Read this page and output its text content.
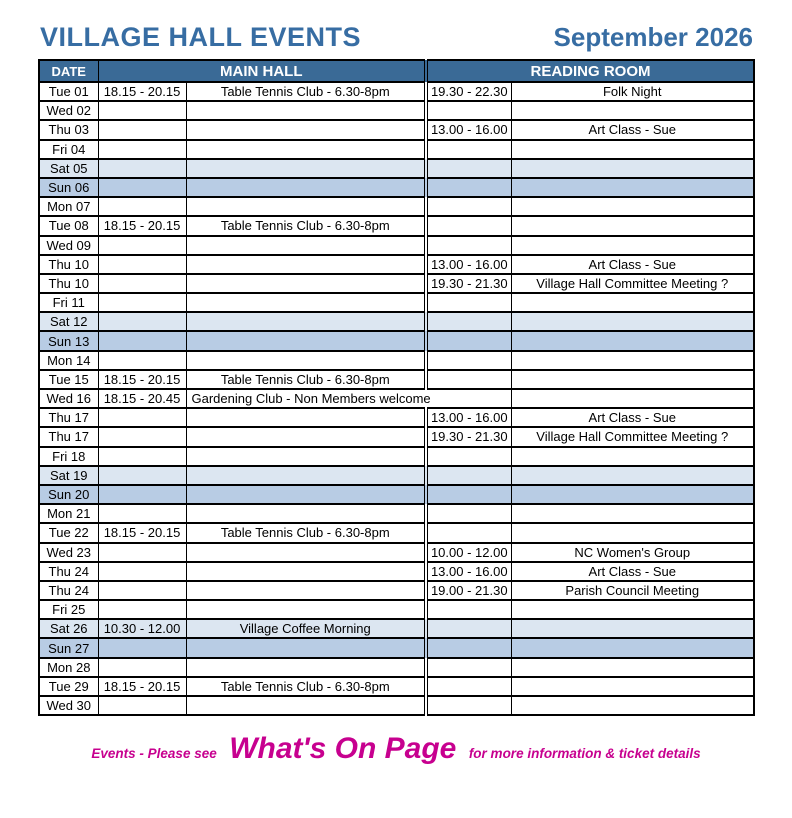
VILLAGE HALL EVENTS	September 2026
DATE	MAIN HALL		READING ROOM	
Tue 01	18.15 - 20.15	Table Tennis Club - 6.30-8pm	19.30 - 22.30	Folk Night
Wed 02				
Thu 03			13.00 - 16.00	Art Class - Sue
Fri 04				
Sat 05				
Sun 06				
Mon 07				
Tue 08	18.15 - 20.15	Table Tennis Club - 6.30-8pm		
Wed 09				
Thu 10			13.00 - 16.00	Art Class - Sue
Thu 10			19.30 - 21.30	Village Hall Committee Meeting ?
Fri 11				
Sat 12				
Sun 13				
Mon 14				
Tue 15	18.15 - 20.15	Table Tennis Club - 6.30-8pm		
Wed 16	18.15 - 20.45	Gardening Club - Non Members welcome		
Thu 17			13.00 - 16.00	Art Class - Sue
Thu 17			19.30 - 21.30	Village Hall Committee Meeting ?
Fri 18				
Sat 19				
Sun 20				
Mon 21				
Tue 22	18.15 - 20.15	Table Tennis Club - 6.30-8pm		
Wed 23			10.00 - 12.00	NC Women's Group
Thu 24			13.00 - 16.00	Art Class - Sue
Thu 24			19.00 - 21.30	Parish Council Meeting
Fri 25				
Sat 26	10.30 - 12.00	Village Coffee Morning		
Sun 27				
Mon 28				
Tue 29	18.15 - 20.15	Table Tennis Club - 6.30-8pm		
Wed 30				
Events - Please see What's On Page for more information & ticket details
